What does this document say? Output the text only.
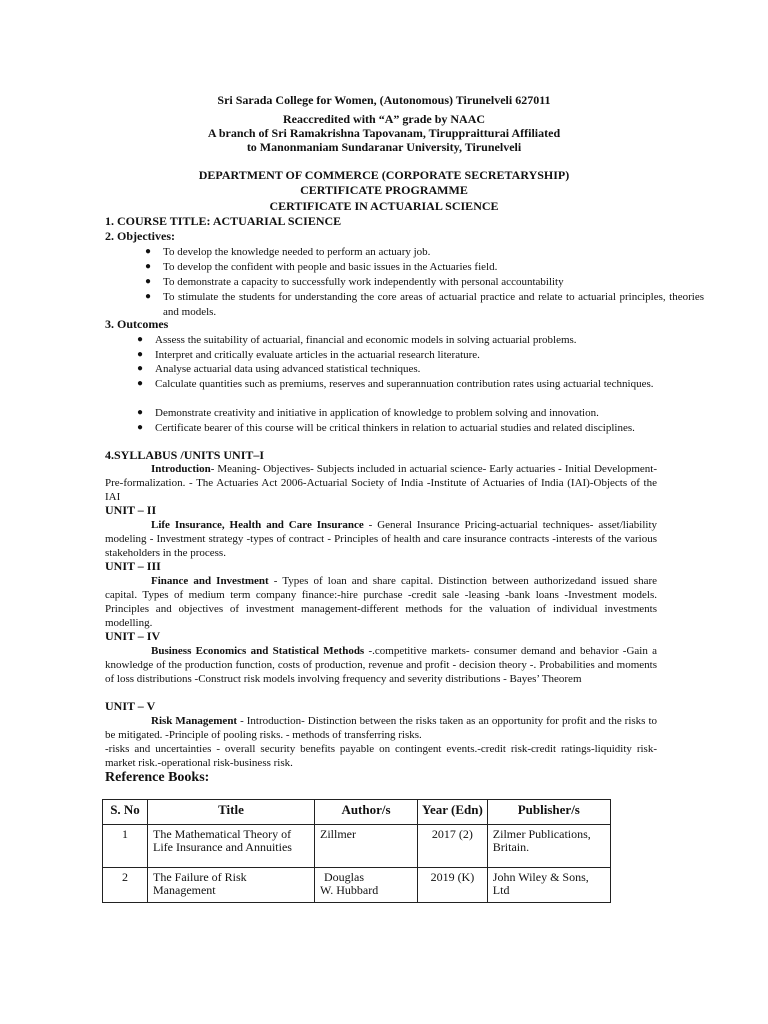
Sri Sarada College for Women, (Autonomous) Tirunelveli 627011
Reaccredited with “A” grade by NAAC
A branch of Sri Ramakrishna Tapovanam, Tiruppraitturai Affiliated
to Manonmaniam Sundaranar University, Tirunelveli
DEPARTMENT OF COMMERCE (CORPORATE SECRETARYSHIP)
CERTIFICATE PROGRAMME
CERTIFICATE IN ACTUARIAL SCIENCE
1. COURSE TITLE: ACTUARIAL SCIENCE
2. Objectives:
● To develop the knowledge needed to perform an actuary job.
● To develop the confident with people and basic issues in the Actuaries field.
● To demonstrate a capacity to successfully work independently with personal accountability
● To stimulate the students for understanding the core areas of actuarial practice and relate to actuarial principles, theories and models.
3. Outcomes
● Assess the suitability of actuarial, financial and economic models in solving actuarial problems.
● Interpret and critically evaluate articles in the actuarial research literature.
● Analyse actuarial data using advanced statistical techniques.
● Calculate quantities such as premiums, reserves and superannuation contribution rates using actuarial techniques.
● Demonstrate creativity and initiative in application of knowledge to problem solving and innovation.
● Certificate bearer of this course will be critical thinkers in relation to actuarial studies and related disciplines.
4.SYLLABUS /UNITS UNIT–I
Introduction- Meaning- Objectives- Subjects included in actuarial science- Early actuaries - Initial Development- Pre-formalization. - The Actuaries Act 2006-Actuarial Society of India -Institute of Actuaries of India (IAI)-Objects of the IAI
UNIT – II
Life Insurance, Health and Care Insurance - General Insurance Pricing-actuarial techniques- asset/liability modeling - Investment strategy -types of contract - Principles of health and care insurance contracts -interests of the various stakeholders in the process.
UNIT – III
Finance and Investment - Types of loan and share capital. Distinction between authorizedand issued share capital. Types of medium term company finance:-hire purchase -credit sale -leasing -bank loans -Investment models. Principles and objectives of investment management-different methods for the valuation of individual investments modelling.
UNIT – IV
Business Economics and Statistical Methods -.competitive markets- consumer demand and behavior -Gain a knowledge of the production function, costs of production, revenue and profit - decision theory -. Probabilities and moments of loss distributions -Construct risk models involving frequency and severity distributions - Bayes’ Theorem
UNIT – V
Risk Management - Introduction- Distinction between the risks taken as an opportunity for profit and the risks to be mitigated. -Principle of pooling risks. - methods of transferring risks.
-risks and uncertainties - overall security benefits payable on contingent events.-credit risk-credit ratings-liquidity risk-market risk.-operational risk-business risk.
Reference Books:
S. No	Title	Author/s	Year (Edn)	Publisher/s
1	The Mathematical Theory of Life Insurance and Annuities	Zillmer	2017 (2)	Zilmer Publications, Britain.
2	The Failure of Risk Management	Douglas
W. Hubbard	2019 (K)	John Wiley & Sons, Ltd
